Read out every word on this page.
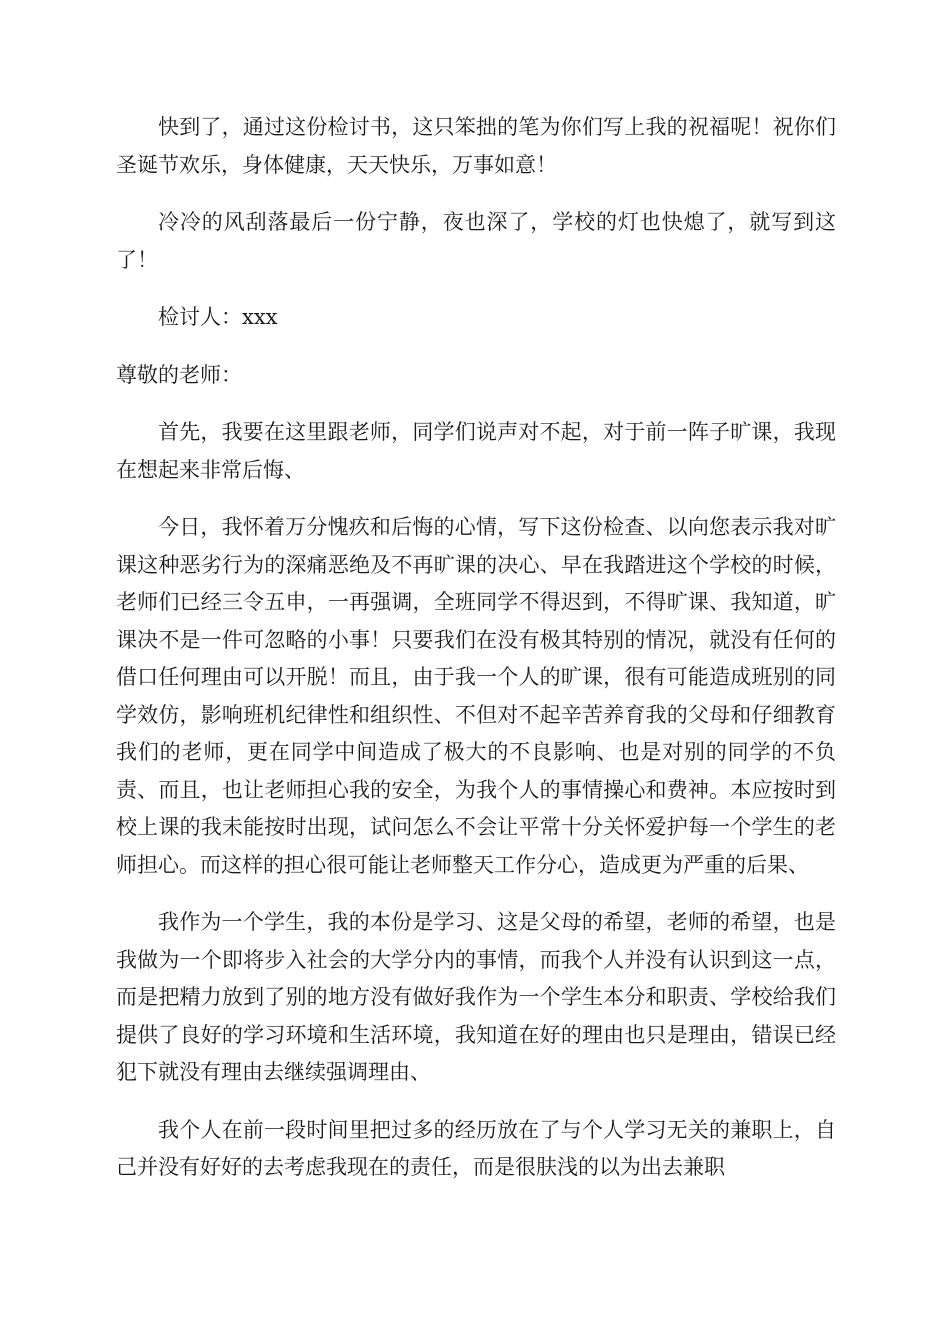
快到了，通过这份检讨书，这只笨拙的笔为你们写上我的祝福呢！祝你们圣诞节欢乐，身体健康，天天快乐，万事如意！

冷冷的风刮落最后一份宁静，夜也深了，学校的灯也快熄了，就写到这了！

检讨人：xxx

尊敬的老师：

首先，我要在这里跟老师，同学们说声对不起，对于前一阵子旷课，我现在想起来非常后悔、

今日，我怀着万分愧疚和后悔的心情，写下这份检查、以向您表示我对旷课这种恶劣行为的深痛恶绝及不再旷课的决心、早在我踏进这个学校的时候，老师们已经三令五申，一再强调，全班同学不得迟到，不得旷课、我知道，旷课决不是一件可忽略的小事！只要我们在没有极其特别的情况，就没有任何的借口任何理由可以开脱！而且，由于我一个人的旷课，很有可能造成班别的同学效仿，影响班机纪律性和组织性、不但对不起辛苦养育我的父母和仔细教育我们的老师，更在同学中间造成了极大的不良影响、也是对别的同学的不负责、而且，也让老师担心我的安全，为我个人的事情操心和费神。本应按时到校上课的我未能按时出现，试问怎么不会让平常十分关怀爱护每一个学生的老师担心。而这样的担心很可能让老师整天工作分心，造成更为严重的后果、

我作为一个学生，我的本份是学习、这是父母的希望，老师的希望，也是我做为一个即将步入社会的大学分内的事情，而我个人并没有认识到这一点，而是把精力放到了别的地方没有做好我作为一个学生本分和职责、学校给我们提供了良好的学习环境和生活环境，我知道在好的理由也只是理由，错误已经犯下就没有理由去继续强调理由、

我个人在前一段时间里把过多的经历放在了与个人学习无关的兼职上，自己并没有好好的去考虑我现在的责任，而是很肤浅的以为出去兼职
